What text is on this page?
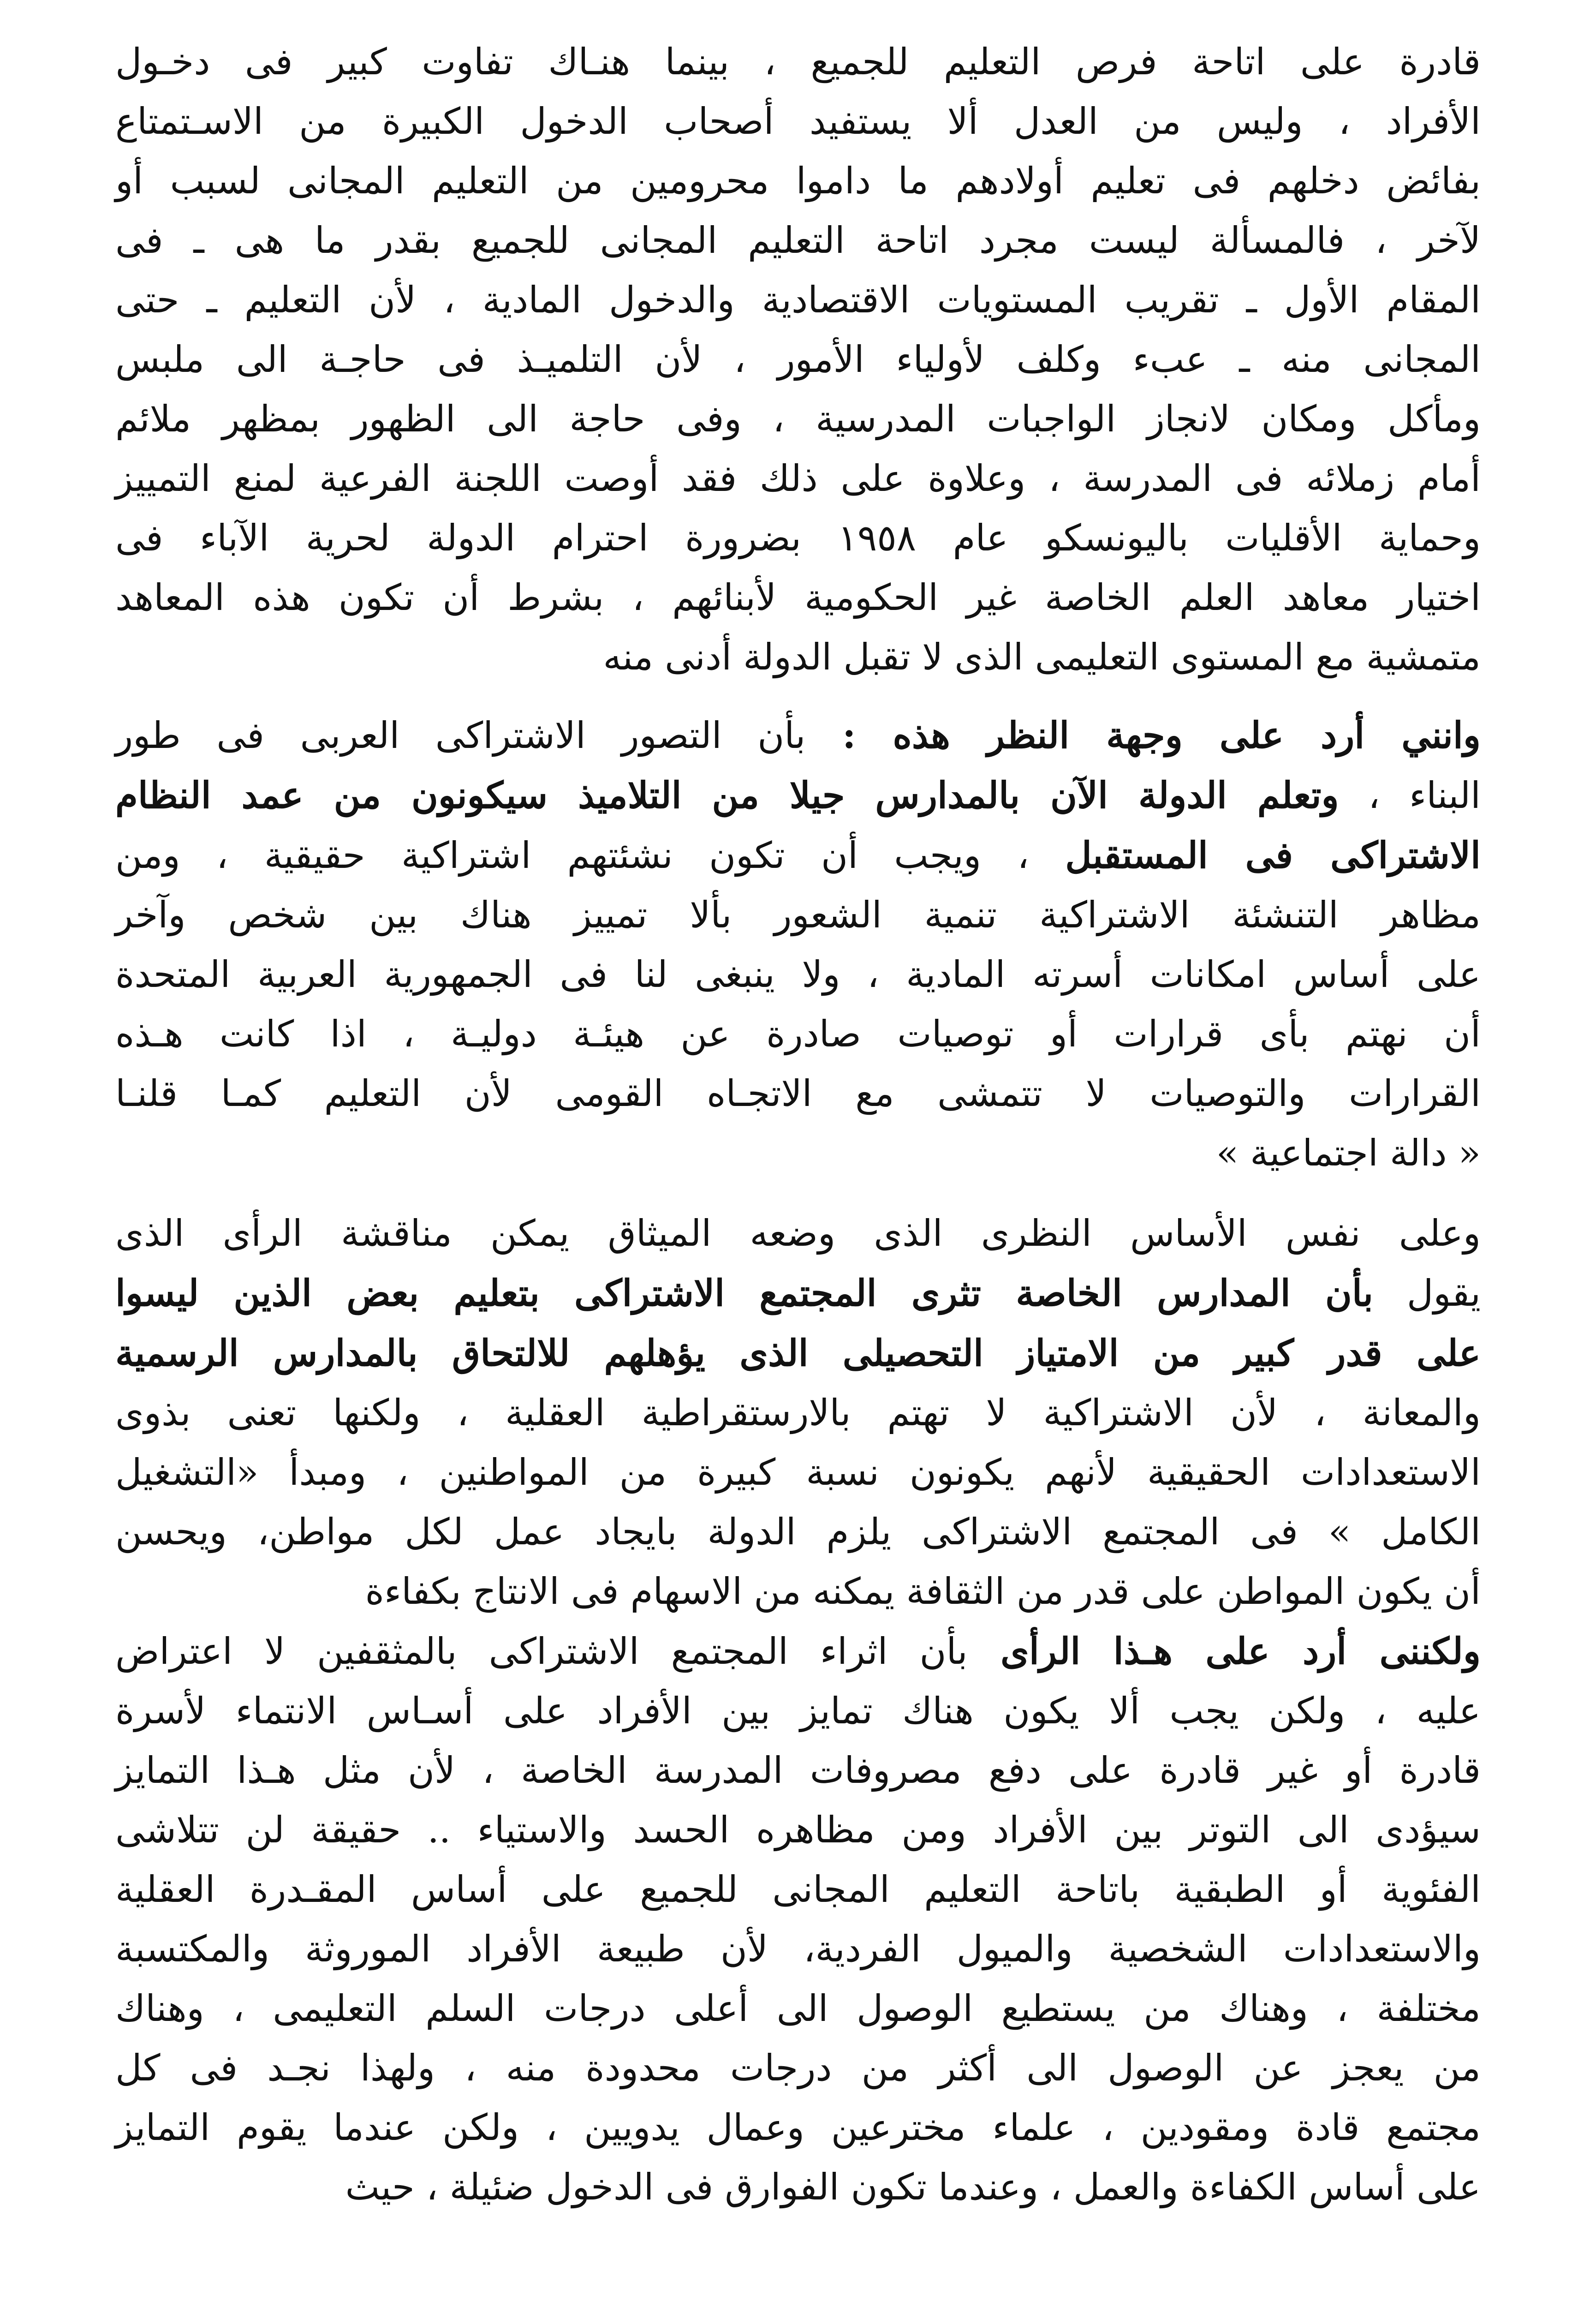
قادرة على اتاحة فرص التعليم للجميع ، بينما هنـاك تفاوت كبير فى دخـول
الأفراد ، وليس من العدل ألا يستفيد أصحاب الدخول الكبيرة من الاسـتمتاع
بفائض دخلهم فى تعليم أولادهم ما داموا محرومين من التعليم المجانى لسبب أو
لآخر ، فالمسألة ليست مجرد اتاحة التعليم المجانى للجميع بقدر ما هى ـ فى
المقام الأول ـ تقريب المستويات الاقتصادية والدخول المادية ، لأن التعليم ـ حتى
المجانى منه ـ عبء وكلف لأولياء الأمور ، لأن التلميـذ فى حاجـة الى ملبس
ومأكل ومكان لانجاز الواجبات المدرسية ، وفى حاجة الى الظهور بمظهر ملائم
أمام زملائه فى المدرسة ، وعلاوة على ذلك فقد أوصت اللجنة الفرعية لمنع التمييز
وحماية الأقليات باليونسكو عام ١٩٥٨ بضرورة احترام الدولة لحرية الآباء فى
اختيار معاهد العلم الخاصة غير الحكومية لأبنائهم ، بشرط أن تكون هذه المعاهد
متمشية مع المستوى التعليمى الذى لا تقبل الدولة أدنى منه
وانني أرد على وجهة النظر هذه : بأن التصور الاشتراكى العربى فى طور
البناء ، وتعلم الدولة الآن بالمدارس جيلا من التلاميذ سيكونون من عمد النظام
الاشتراكى فى المستقبل ، ويجب أن تكون نشئتهم اشتراكية حقيقية ، ومن
مظاهر التنشئة الاشتراكية تنمية الشعور بألا تمييز هناك بين شخص وآخر
على أساس امكانات أسرته المادية ، ولا ينبغى لنا فى الجمهورية العربية المتحدة
أن نهتم بأى قرارات أو توصيات صادرة عن هيئـة دوليـة ، اذا كانت هـذه
القرارات والتوصيات لا تتمشى مع الاتجـاه القومى لأن التعليم كمـا قلنـا
« دالة اجتماعية »
وعلى نفس الأساس النظرى الذى وضعه الميثاق يمكن مناقشة الرأى الذى
يقول بأن المدارس الخاصة تثرى المجتمع الاشتراكى بتعليم بعض الذين ليسوا
على قدر كبير من الامتياز التحصيلى الذى يؤهلهم للالتحاق بالمدارس الرسمية
والمعانة ، لأن الاشتراكية لا تهتم بالارستقراطية العقلية ، ولكنها تعنى بذوى
الاستعدادات الحقيقية لأنهم يكونون نسبة كبيرة من المواطنين ، ومبدأ «التشغيل
الكامل » فى المجتمع الاشتراكى يلزم الدولة بايجاد عمل لكل مواطن، ويحسن
أن يكون المواطن على قدر من الثقافة يمكنه من الاسهام فى الانتاج بكفاءة
ولكننى أرد على هـذا الرأى بأن اثراء المجتمع الاشتراكى بالمثقفين لا اعتراض
عليه ، ولكن يجب ألا يكون هناك تمايز بين الأفراد على أسـاس الانتماء لأسرة
قادرة أو غير قادرة على دفع مصروفات المدرسة الخاصة ، لأن مثل هـذا التمايز
سيؤدى الى التوتر بين الأفراد ومن مظاهره الحسد والاستياء .. حقيقة لن تتلاشى
الفئوية أو الطبقية باتاحة التعليم المجانى للجميع على أساس المقـدرة العقلية
والاستعدادات الشخصية والميول الفردية، لأن طبيعة الأفراد الموروثة والمكتسبة
مختلفة ، وهناك من يستطيع الوصول الى أعلى درجات السلم التعليمى ، وهناك
من يعجز عن الوصول الى أكثر من درجات محدودة منه ، ولهذا نجـد فى كل
مجتمع قادة ومقودين ، علماء مخترعين وعمال يدويين ، ولكن عندما يقوم التمايز
على أساس الكفاءة والعمل ، وعندما تكون الفوارق فى الدخول ضئيلة ، حيث
